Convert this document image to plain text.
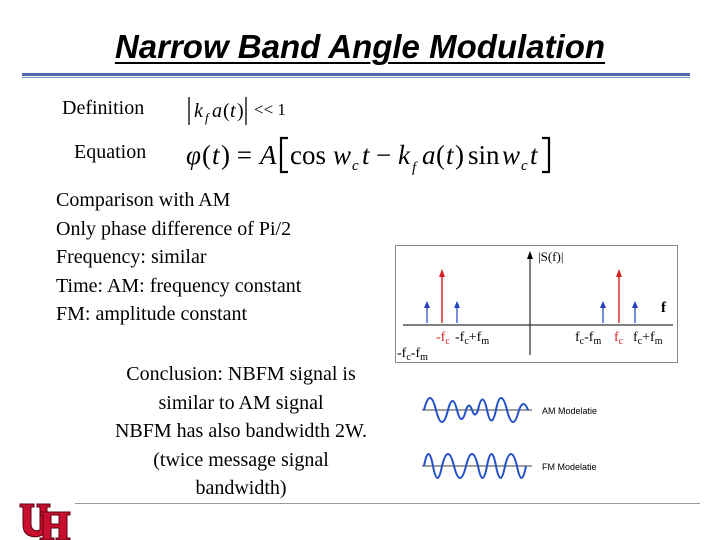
Narrow Band Angle Modulation
Definition k f a ( t ) << 1
Equation φ ( t ) = A cos w c t − k f a ( t ) sin w c t
Comparison with AM
Only phase difference of Pi/2
Frequency: similar
Time: AM: frequency constant
FM: amplitude constant
Conclusion: NBFM signal is
similar to AM signal
NBFM has also bandwidth 2W.
(twice message signal
bandwidth)
|S(f)|
f
$-f_c$ $-f_c+f_m$
$-f_c-f_m$
$f_c-f_m$ $f_c$ $f_c+f_m$
AM Modelatie
FM Modelatie
